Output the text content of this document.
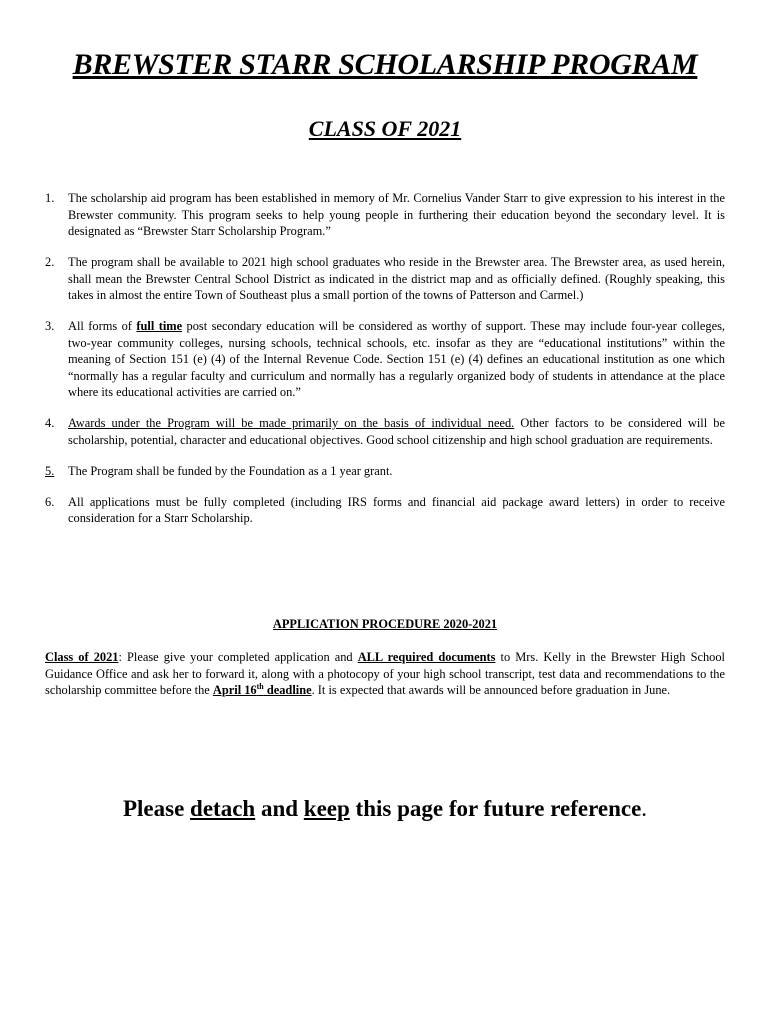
BREWSTER STARR SCHOLARSHIP PROGRAM
CLASS OF 2021
1. The scholarship aid program has been established in memory of Mr. Cornelius Vander Starr to give expression to his interest in the Brewster community. This program seeks to help young people in furthering their education beyond the secondary level. It is designated as “Brewster Starr Scholarship Program.”
2. The program shall be available to 2021 high school graduates who reside in the Brewster area. The Brewster area, as used herein, shall mean the Brewster Central School District as indicated in the district map and as officially defined. (Roughly speaking, this takes in almost the entire Town of Southeast plus a small portion of the towns of Patterson and Carmel.)
3. All forms of full time post secondary education will be considered as worthy of support. These may include four-year colleges, two-year community colleges, nursing schools, technical schools, etc. insofar as they are “educational institutions” within the meaning of Section 151 (e) (4) of the Internal Revenue Code. Section 151 (e) (4) defines an educational institution as one which “normally has a regular faculty and curriculum and normally has a regularly organized body of students in attendance at the place where its educational activities are carried on.”
4. Awards under the Program will be made primarily on the basis of individual need. Other factors to be considered will be scholarship, potential, character and educational objectives. Good school citizenship and high school graduation are requirements.
5. The Program shall be funded by the Foundation as a 1 year grant.
6. All applications must be fully completed (including IRS forms and financial aid package award letters) in order to receive consideration for a Starr Scholarship.
APPLICATION PROCEDURE 2020-2021
Class of 2021: Please give your completed application and ALL required documents to Mrs. Kelly in the Brewster High School Guidance Office and ask her to forward it, along with a photocopy of your high school transcript, test data and recommendations to the scholarship committee before the April 16th deadline. It is expected that awards will be announced before graduation in June.
Please detach and keep this page for future reference.
